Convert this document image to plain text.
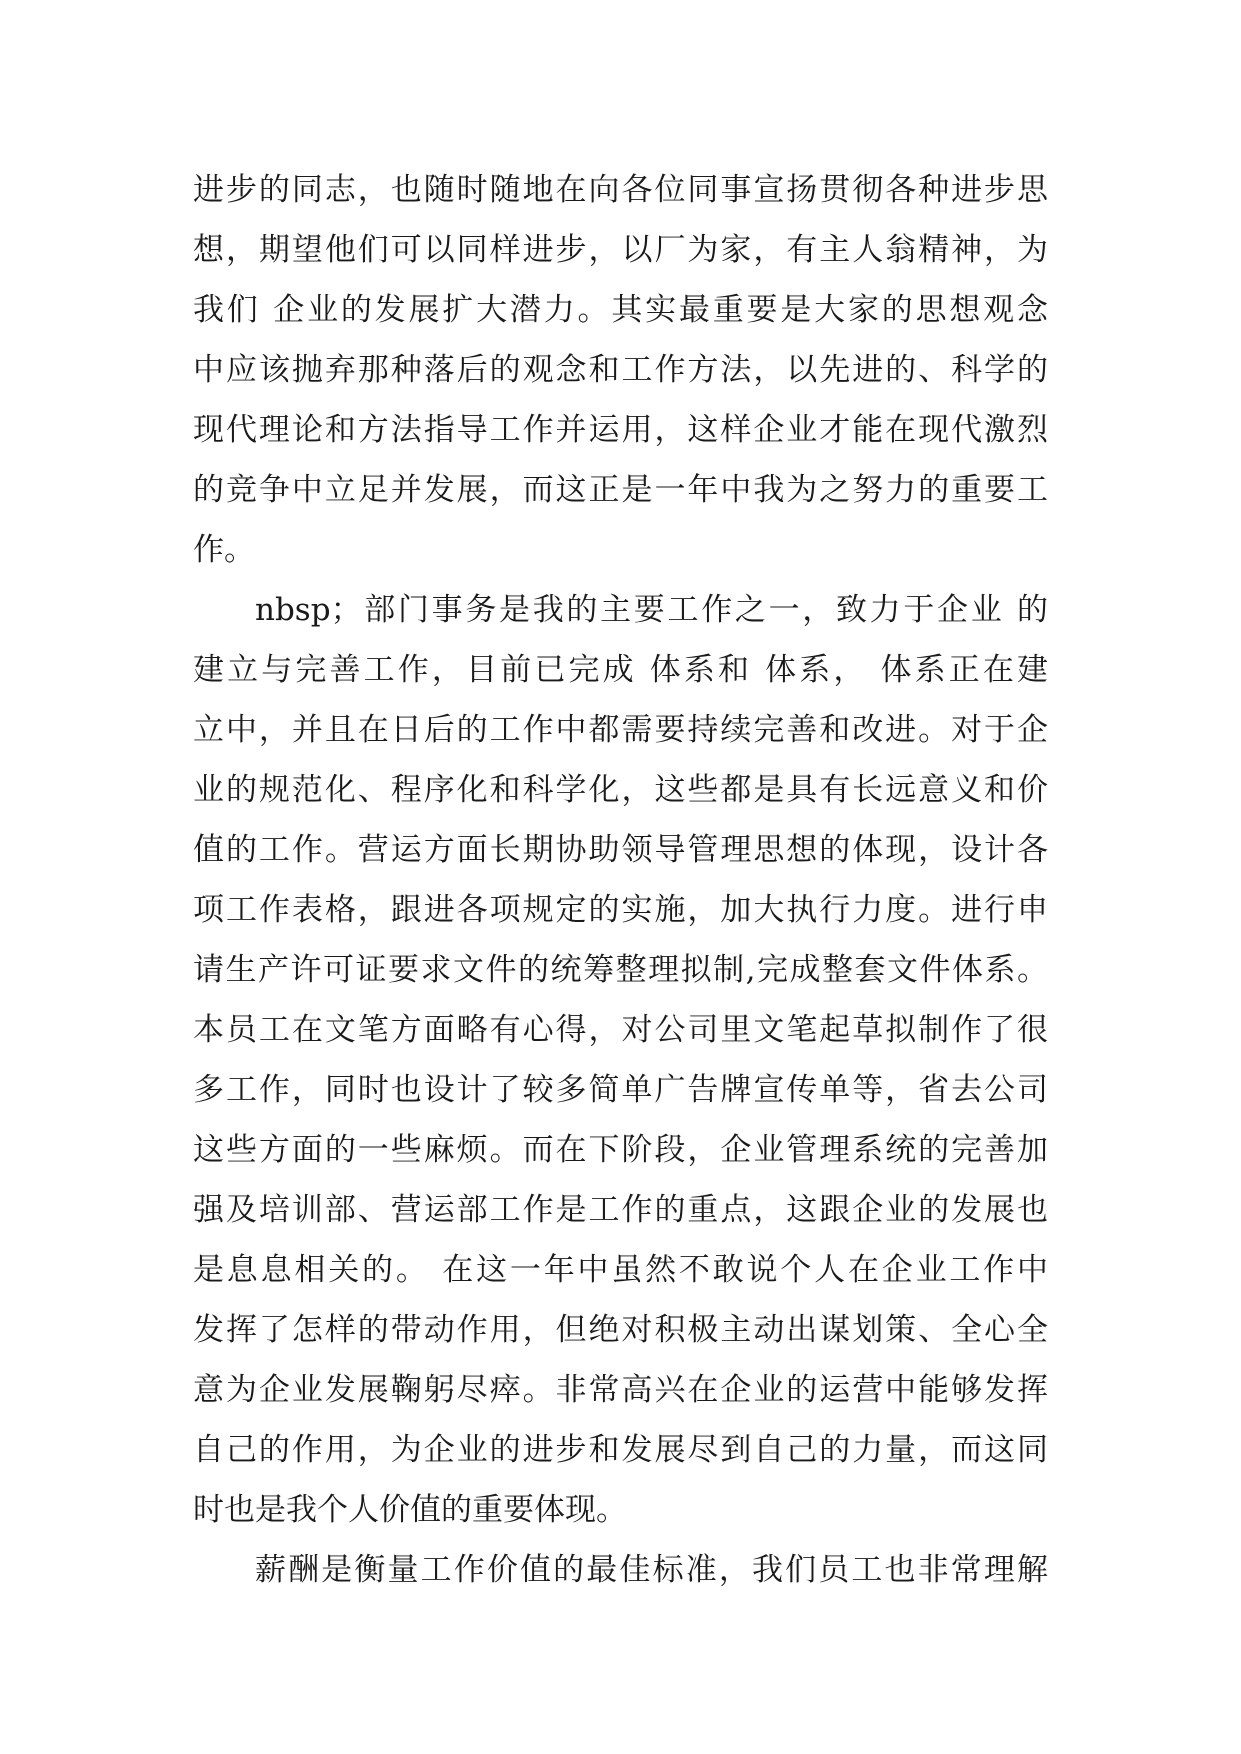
进步的同志，也随时随地在向各位同事宣扬贯彻各种进步思
想，期望他们可以同样进步，以厂为家，有主人翁精神，为
我们 企业的发展扩大潜力。其实最重要是大家的思想观念
中应该抛弃那种落后的观念和工作方法，以先进的、科学的
现代理论和方法指导工作并运用，这样企业才能在现代激烈
的竞争中立足并发展，而这正是一年中我为之努力的重要工
作。
nbsp；部门事务是我的主要工作之一，致力于企业 的
建立与完善工作，目前已完成 体系和 体系， 体系正在建
立中，并且在日后的工作中都需要持续完善和改进。对于企
业的规范化、程序化和科学化，这些都是具有长远意义和价
值的工作。营运方面长期协助领导管理思想的体现，设计各
项工作表格，跟进各项规定的实施，加大执行力度。进行申
请生产许可证要求文件的统筹整理拟制,完成整套文件体系。
本员工在文笔方面略有心得，对公司里文笔起草拟制作了很
多工作，同时也设计了较多简单广告牌宣传单等，省去公司
这些方面的一些麻烦。而在下阶段，企业管理系统的完善加
强及培训部、营运部工作是工作的重点，这跟企业的发展也
是息息相关的。 在这一年中虽然不敢说个人在企业工作中
发挥了怎样的带动作用，但绝对积极主动出谋划策、全心全
意为企业发展鞠躬尽瘁。非常高兴在企业的运营中能够发挥
自己的作用，为企业的进步和发展尽到自己的力量，而这同
时也是我个人价值的重要体现。
薪酬是衡量工作价值的最佳标准，我们员工也非常理解
